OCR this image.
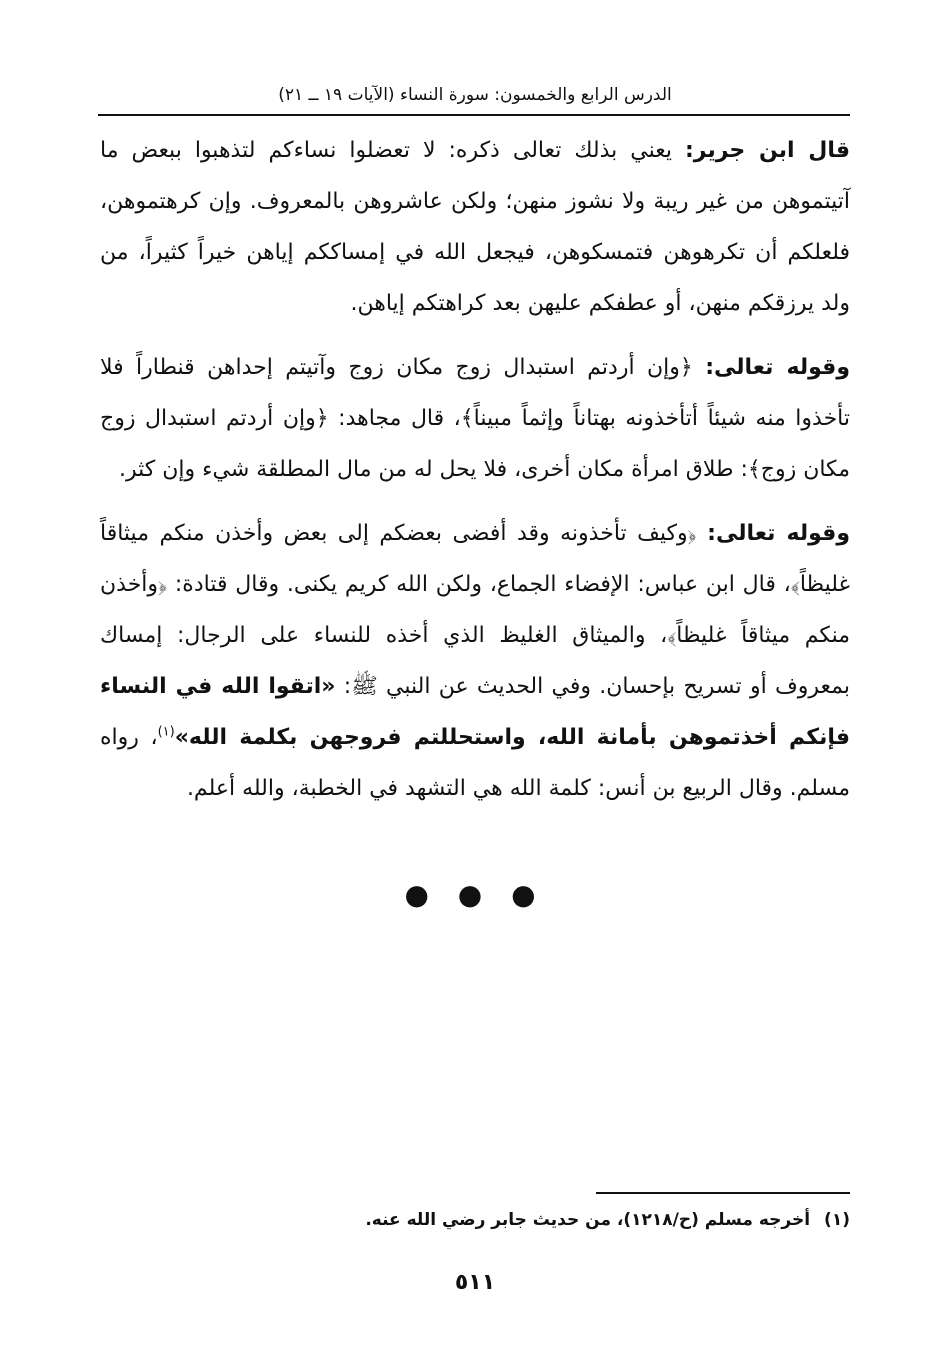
الدرس الرابع والخمسون: سورة النساء (الآيات ١٩ ــ ٢١)

قال ابن جرير: يعني بذلك تعالى ذكره: لا تعضلوا نساءكم لتذهبوا ببعض ما آتيتموهن من غير ريبة ولا نشوز منهن؛ ولكن عاشروهن بالمعروف. وإن كرهتموهن، فلعلكم أن تكرهوهن فتمسكوهن، فيجعل الله في إمساككم إياهن خيراً كثيراً، من ولد يرزقكم منهن، أو عطفكم عليهن بعد كراهتكم إياهن.

وقوله تعالى: ﴿وإن أردتم استبدال زوج مكان زوج وآتيتم إحداهن قنطاراً فلا تأخذوا منه شيئاً أتأخذونه بهتاناً وإثماً مبيناً﴾، قال مجاهد: ﴿وإن أردتم استبدال زوج مكان زوج﴾: طلاق امرأة مكان أخرى، فلا يحل له من مال المطلقة شيء وإن كثر.

وقوله تعالى: ﴿وكيف تأخذونه وقد أفضى بعضكم إلى بعض وأخذن منكم ميثاقاً غليظاً﴾، قال ابن عباس: الإفضاء الجماع، ولكن الله كريم يكنى. وقال قتادة: ﴿وأخذن منكم ميثاقاً غليظاً﴾، والميثاق الغليظ الذي أخذه للنساء على الرجال: إمساك بمعروف أو تسريح بإحسان. وفي الحديث عن النبي ﷺ: «اتقوا الله في النساء فإنكم أخذتموهن بأمانة الله، واستحللتم فروجهن بكلمة الله»$^{(١)}$، رواه مسلم. وقال الربيع بن أنس: كلمة الله هي التشهد في الخطبة، والله أعلم.

● ● ●
(١)أخرجه مسلم (ح/١٢١٨)، من حديث جابر رضي الله عنه.
٥١١
